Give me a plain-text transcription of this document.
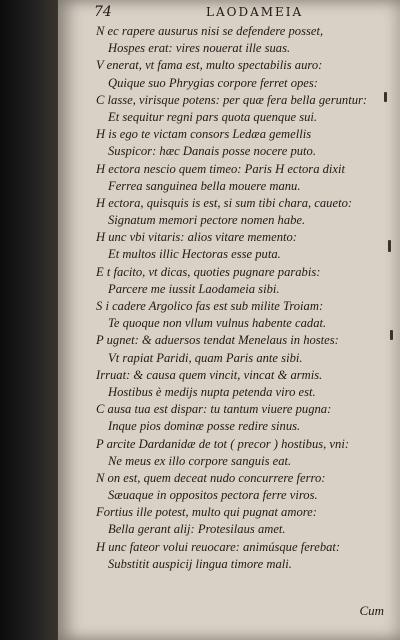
74	LAODAMEIA
N ec rapere ausurus nisi se defendere posset,
Hospes erat: vires nouerat ille suas.
V enerat, vt fama est, multo spectabilis auro:
Quique suo Phrygias corpore ferret opes:
C lasse, virisque potens: per quæ fera bella geruntur:
Et sequitur regni pars quota quenque sui.
H is ego te victam consors Ledæa gemellis
Suspicor: hæc Danais posse nocere puto.
H ectora nescio quem timeo: Paris H ectora dixit
Ferrea sanguinea bella mouere manu.
H ectora, quisquis is est, si sum tibi chara, caueto:
Signatum memori pectore nomen habe.
H unc vbi vitaris: alios vitare memento:
Et multos illic Hectoras esse puta.
E t facito, vt dicas, quoties pugnare parabis:
Parcere me iussit Laodameia sibi.
S i cadere Argolico fas est sub milite Troiam:
Te quoque non vllum vulnus habente cadat.
P ugnet: & aduersos tendat Menelaus in hostes:
Vt rapiat Paridi, quam Paris ante sibi.
Irruat: & causa quem vincit, vincat & armis.
Hostibus è medijs nupta petenda viro est.
C ausa tua est dispar: tu tantum viuere pugna:
Inque pios dominæ posse redire sinus.
P arcite Dardanidæ de tot ( precor ) hostibus, vni:
Ne meus ex illo corpore sanguis eat.
N on est, quem deceat nudo concurrere ferro:
Sæuaque in oppositos pectora ferre viros.
Fortius ille potest, multo qui pugnat amore:
Bella gerant alij: Protesilaus amet.
H unc fateor volui reuocare: animúsque ferebat:
Substitit auspicij lingua timore mali.
Cum
